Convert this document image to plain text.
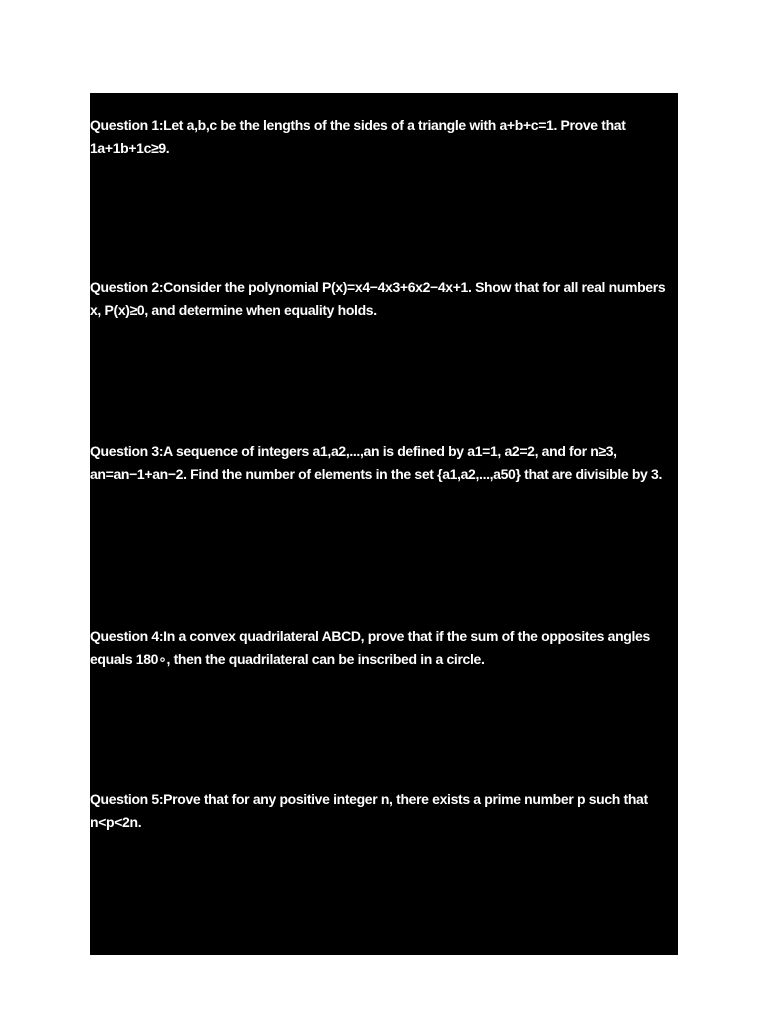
Question 1:Let a,b,c be the lengths of the sides of a triangle with a+b+c=1. Prove that 1a+1b+1c≥9.
Question 2:Consider the polynomial P(x)=x4−4x3+6x2−4x+1. Show that for all real numbers x, P(x)≥0, and determine when equality holds.
Question 3:A sequence of integers a1,a2,...,an is defined by a1=1, a2=2, and for n≥3, an=an−1+an−2. Find the number of elements in the set {a1,a2,...,a50} that are divisible by 3.
Question 4:In a convex quadrilateral ABCD, prove that if the sum of the opposites angles equals 180∘, then the quadrilateral can be inscribed in a circle.
Question 5:Prove that for any positive integer n, there exists a prime number p such that n<p<2n.
